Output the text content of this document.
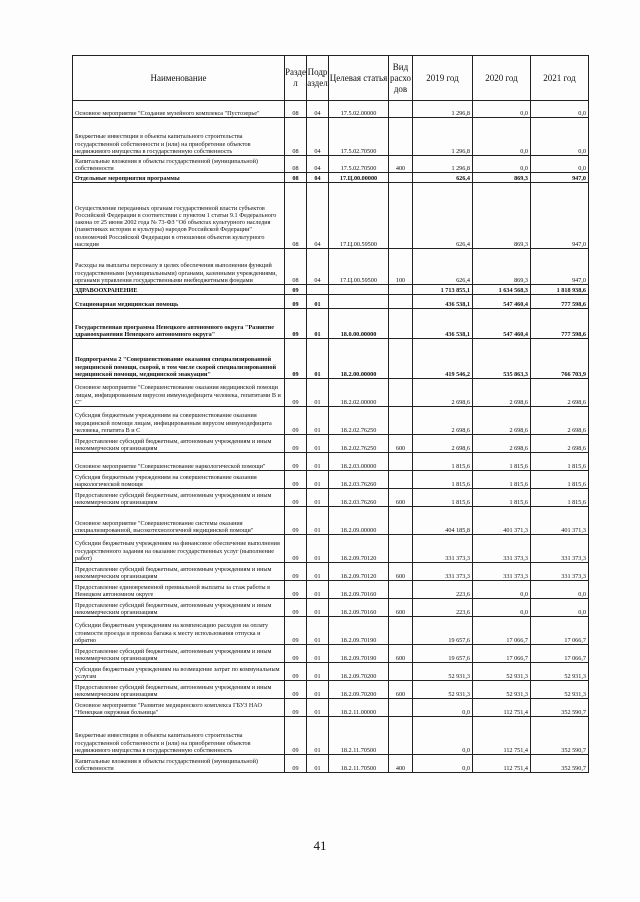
Наименование	Разде л	Подр аздел	Целевая статья	Вид расхо дов	2019 год	2020 год	2021 год
Основное мероприятие "Создание музейного комплекса "Пустозерье"	08	04	17.5.02.00000		1 296,8	0,0	0,0
Бюджетные инвестиции в объекты капитального строительства государственной собственности и (или) на приобретение объектов недвижимого имущества в государственную собственность	08	04	17.5.02.70500		1 296,8	0,0	0,0
Капитальные вложения в объекты государственной (муниципальной) собственности	08	04	17.5.02.70500	400	1 296,8	0,0	0,0
Отдельные мероприятия программы	08	04	17.Ц.00.00000		626,4	869,3	947,0
Осуществление переданных органам государственной власти субъектов Российской Федерации в соответствии с пунктом 1 статьи 9.1 Федерального закона от 25 июня 2002 года № 73-ФЗ "Об объектах культурного наследия (памятниках истории и культуры) народов Российской Федерации" полномочий Российской Федерации в отношении объектов культурного наследия	08	04	17.Ц.00.59500		626,4	869,3	947,0
Расходы на выплаты персоналу в целях обеспечения выполнения функций государственными (муниципальными) органами, казенными учреждениями, органами управления государственными внебюджетными фондами	08	04	17.Ц.00.59500	100	626,4	869,3	947,0
ЗДРАВООХРАНЕНИЕ	09				1 713 855,1	1 634 568,3	1 818 938,6
Стационарная медицинская помощь	09	01			436 538,1	547 460,4	777 598,6
Государственная программа Ненецкого автономного округа "Развитие здравоохранения Ненецкого автономного округа"	09	01	18.0.00.00000		436 538,1	547 460,4	777 598,6
Подпрограмма 2 "Совершенствование оказания специализированной медицинской помощи, скорой, в том числе скорой специализированной медицинской помощи, медицинской эвакуации"	09	01	18.2.00.00000		419 546,2	535 863,3	766 703,9
Основное мероприятие "Совершенствование оказания медицинской помощи лицам, инфицированным вирусом иммунодефицита человека, гепатитами В и С"	09	01	18.2.02.00000		2 698,6	2 698,6	2 698,6
Субсидия бюджетным учреждениям на совершенствование оказания медицинской помощи лицам, инфицированным вирусом иммунодефицита человека, гепатита В и С	09	01	18.2.02.76250		2 698,6	2 698,6	2 698,6
Предоставление субсидий бюджетным, автономным учреждениям и иным некоммерческим организациям	09	01	18.2.02.76250	600	2 698,6	2 698,6	2 698,6
Основное мероприятие "Совершенствование наркологической помощи"	09	01	18.2.03.00000		1 815,6	1 815,6	1 815,6
Субсидия бюджетным учреждениям на совершенствование оказания наркологической помощи	09	01	18.2.03.76260		1 815,6	1 815,6	1 815,6
Предоставление субсидий бюджетным, автономным учреждениям и иным некоммерческим организациям	09	01	18.2.03.76260	600	1 815,6	1 815,6	1 815,6
Основное мероприятие "Совершенствование системы оказания специализированной, высокотехнологичной медицинской помощи"	09	01	18.2.09.00000		404 185,8	401 371,3	401 371,3
Субсидии бюджетным учреждениям на финансовое обеспечение выполнения государственного задания на оказание государственных услуг (выполнение работ)	09	01	18.2.09.70120		331 373,3	331 373,3	331 373,3
Предоставление субсидий бюджетным, автономным учреждениям и иным некоммерческим организациям	09	01	18.2.09.70120	600	331 373,3	331 373,3	331 373,3
Предоставление единовременной премиальной выплаты за стаж работы в Ненецком автономном округе	09	01	18.2.09.70160		223,6	0,0	0,0
Предоставление субсидий бюджетным, автономным учреждениям и иным некоммерческим организациям	09	01	18.2.09.70160	600	223,6	0,0	0,0
Субсидии бюджетным учреждениям на компенсацию расходов на оплату стоимости проезда и провоза багажа к месту использования отпуска и обратно	09	01	18.2.09.70190		19 657,6	17 066,7	17 066,7
Предоставление субсидий бюджетным, автономным учреждениям и иным некоммерческим организациям	09	01	18.2.09.70190	600	19 657,6	17 066,7	17 066,7
Субсидии бюджетным учреждениям на возмещение затрат по коммунальным услугам	09	01	18.2.09.70200		52 931,3	52 931,3	52 931,3
Предоставление субсидий бюджетным, автономным учреждениям и иным некоммерческим организациям	09	01	18.2.09.70200	600	52 931,3	52 931,3	52 931,3
Основное мероприятие "Развитие медицинского комплекса ГБУЗ НАО "Ненецкая окружная больница"	09	01	18.2.11.00000		0,0	112 751,4	352 590,7
Бюджетные инвестиции в объекты капитального строительства государственной собственности и (или) на приобретение объектов недвижимого имущества в государственную собственность	09	01	18.2.11.70500		0,0	112 751,4	352 590,7
Капитальные вложения в объекты государственной (муниципальной) собственности	09	01	18.2.11.70500	400	0,0	112 751,4	352 590,7
41
